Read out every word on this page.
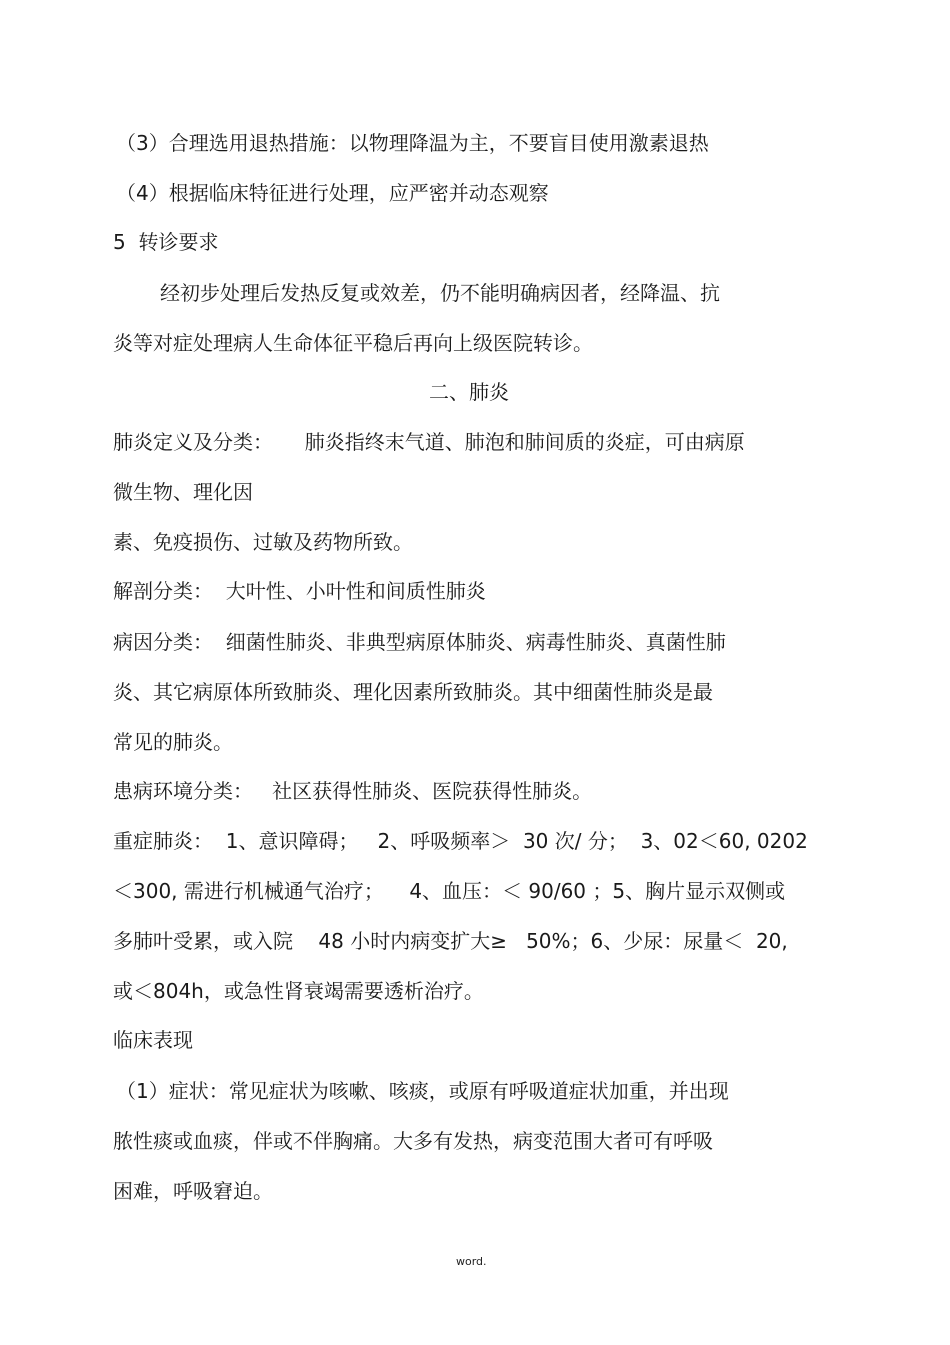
（3）合理选用退热措施：以物理降温为主，不要盲目使用激素退热
（4）根据临床特征进行处理，应严密并动态观察
5  转诊要求
经初步处理后发热反复或效差，仍不能明确病因者，经降温、抗
炎等对症处理病人生命体征平稳后再向上级医院转诊。
二、肺炎
肺炎定义及分类：     肺炎指终末气道、肺泡和肺间质的炎症，可由病原
微生物、理化因
素、免疫损伤、过敏及药物所致。
解剖分类：  大叶性、小叶性和间质性肺炎
病因分类：  细菌性肺炎、非典型病原体肺炎、病毒性肺炎、真菌性肺
炎、其它病原体所致肺炎、理化因素所致肺炎。其中细菌性肺炎是最
常见的肺炎。
患病环境分类：   社区获得性肺炎、医院获得性肺炎。
重症肺炎：  1、意识障碍；   2、呼吸频率＞  30 次/ 分；  3、02＜60, 0202
＜300, 需进行机械通气治疗；    4、血压：＜ 90/60 ；5、胸片显示双侧或
多肺叶受累，或入院    48 小时内病变扩大≥   50%；6、少尿：尿量＜  20,
或＜804h，或急性肾衰竭需要透析治疗。
临床表现
（1）症状：常见症状为咳嗽、咳痰，或原有呼吸道症状加重，并出现
脓性痰或血痰，伴或不伴胸痛。大多有发热，病变范围大者可有呼吸
困难，呼吸窘迫。
word.
